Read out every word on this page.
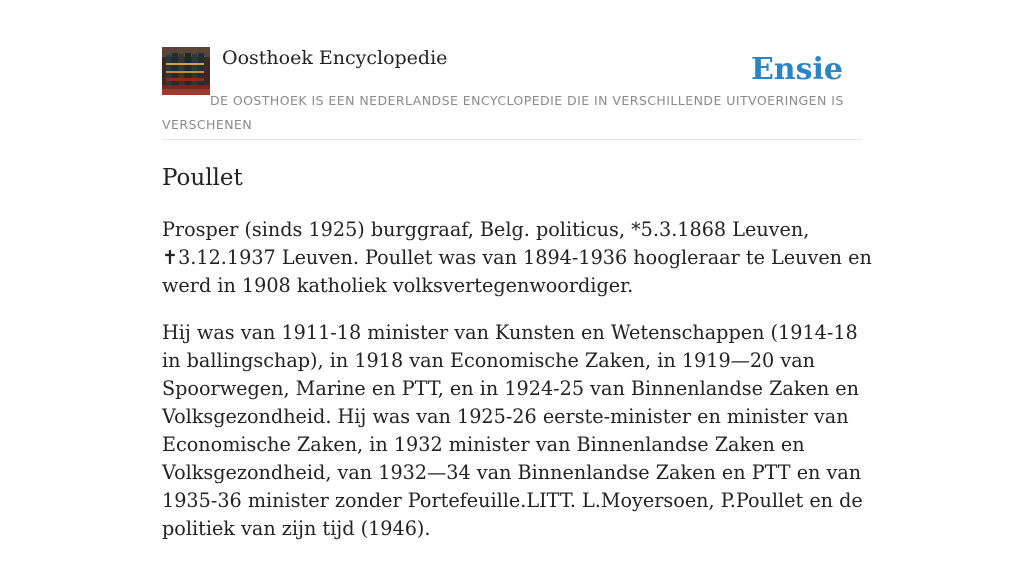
Oosthoek Encyclopedie	Ensie
DE OOSTHOEK IS EEN NEDERLANDSE ENCYCLOPEDIE DIE IN VERSCHILLENDE UITVOERINGEN IS VERSCHENEN
Poullet

Prosper (sinds 1925) burggraaf, Belg. politicus, *5.3.1868 Leuven, ✝3.12.1937 Leuven. Poullet was van 1894-1936 hoogleraar te Leuven en werd in 1908 katholiek volksvertegenwoordiger.

Hij was van 1911-18 minister van Kunsten en Wetenschappen (1914-18 in ballingschap), in 1918 van Economische Zaken, in 1919—20 van Spoorwegen, Marine en PTT, en in 1924-25 van Binnenlandse Zaken en Volksgezondheid. Hij was van 1925-26 eerste-minister en minister van Economische Zaken, in 1932 minister van Binnenlandse Zaken en Volksgezondheid, van 1932—34 van Binnenlandse Zaken en PTT en van 1935-36 minister zonder Portefeuille.LITT. L.Moyersoen, P.Poullet en de politiek van zijn tijd (1946).
